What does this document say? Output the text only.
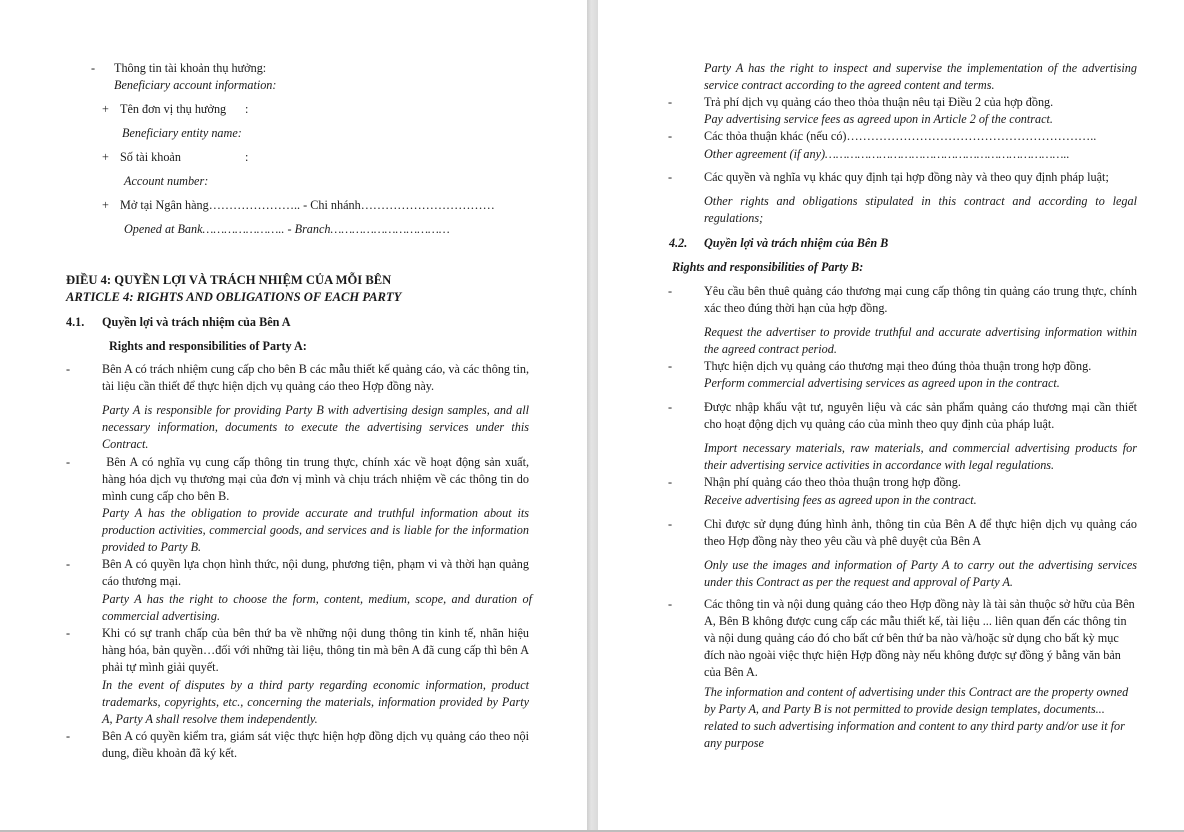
- Thông tin tài khoản thụ hưởng:
Beneficiary account information:
+ Tên đơn vị thụ hưởng :
Beneficiary entity name:
+ Số tài khoản	:
Account number:
+ Mở tại Ngân hàng………………….. - Chi nhánh……………………………
Opened at Bank………………….. - Branch……………………………
ĐIỀU 4: QUYỀN LỢI VÀ TRÁCH NHIỆM CỦA MỖI BÊN
ARTICLE 4: RIGHTS AND OBLIGATIONS OF EACH PARTY
4.1. Quyền lợi và trách nhiệm của Bên A
Rights and responsibilities of Party A:
-	Bên A có trách nhiệm cung cấp cho bên B các mẫu thiết kế quảng cáo, và các thông tin, tài liệu cần thiết để thực hiện dịch vụ quảng cáo theo Hợp đồng này.
Party A is responsible for providing Party B with advertising design samples, and all necessary information, documents to execute the advertising services under this Contract.
-	Bên A có nghĩa vụ cung cấp thông tin trung thực, chính xác về hoạt động sản xuất, hàng hóa dịch vụ thương mại của đơn vị mình và chịu trách nhiệm về các thông tin do mình cung cấp cho bên B.
Party A has the obligation to provide accurate and truthful information about its production activities, commercial goods, and services and is liable for the information provided to Party B.
-	Bên A có quyền lựa chọn hình thức, nội dung, phương tiện, phạm vi và thời hạn quảng cáo thương mại.
Party A has the right to choose the form, content, medium, scope, and duration of commercial advertising.
-	Khi có sự tranh chấp của bên thứ ba về những nội dung thông tin kinh tế, nhãn hiệu hàng hóa, bản quyền…đối với những tài liệu, thông tin mà bên A đã cung cấp thì bên A phải tự mình giải quyết.
In the event of disputes by a third party regarding economic information, product trademarks, copyrights, etc., concerning the materials, information provided by Party A, Party A shall resolve them independently.
-	Bên A có quyền kiểm tra, giám sát việc thực hiện hợp đồng dịch vụ quảng cáo theo nội dung, điều khoản đã ký kết.
Party A has the right to inspect and supervise the implementation of the advertising service contract according to the agreed content and terms.
-	Trả phí dịch vụ quảng cáo theo thỏa thuận nêu tại Điều 2 của hợp đồng.
Pay advertising service fees as agreed upon in Article 2 of the contract.
-	Các thỏa thuận khác (nếu có)……………………………………………………..
Other agreement (if any)…………………………………………………………..
-	Các quyền và nghĩa vụ khác quy định tại hợp đồng này và theo quy định pháp luật;
Other rights and obligations stipulated in this contract and according to legal regulations;
4.2. Quyền lợi và trách nhiệm của Bên B
Rights and responsibilities of Party B:
-	Yêu cầu bên thuê quảng cáo thương mại cung cấp thông tin quảng cáo trung thực, chính xác theo đúng thời hạn của hợp đồng.
Request the advertiser to provide truthful and accurate advertising information within the agreed contract period.
-	Thực hiện dịch vụ quảng cáo thương mại theo đúng thỏa thuận trong hợp đồng.
Perform commercial advertising services as agreed upon in the contract.
-	Được nhập khẩu vật tư, nguyên liệu và các sản phẩm quảng cáo thương mại cần thiết cho hoạt động dịch vụ quảng cáo của mình theo quy định của pháp luật.
Import necessary materials, raw materials, and commercial advertising products for their advertising service activities in accordance with legal regulations.
-	Nhận phí quảng cáo theo thỏa thuận trong hợp đồng.
Receive advertising fees as agreed upon in the contract.
-	Chỉ được sử dụng đúng hình ảnh, thông tin của Bên A để thực hiện dịch vụ quảng cáo theo Hợp đồng này theo yêu cầu và phê duyệt của Bên A
Only use the images and information of Party A to carry out the advertising services under this Contract as per the request and approval of Party A.
-	Các thông tin và nội dung quảng cáo theo Hợp đồng này là tài sản thuộc sở hữu của Bên A, Bên B không được cung cấp các mẫu thiết kế, tài liệu ... liên quan đến các thông tin và nội dung quảng cáo đó cho bất cứ bên thứ ba nào và/hoặc sử dụng cho bất kỳ mục      đích nào ngoài việc thực hiện Hợp đồng này nếu không được sự đồng ý bằng văn bản của Bên A.
The information and content of advertising under this Contract are the property owned by Party A, and Party B is not permitted to provide design templates, documents... related to such advertising information and content to any third party and/or use it for any purpose
